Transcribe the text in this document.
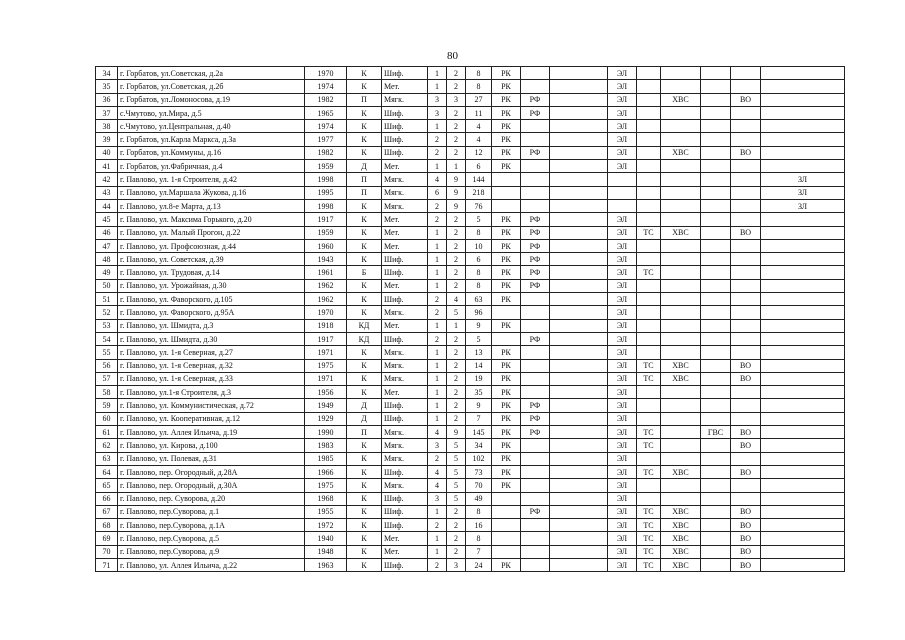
80
34	г. Горбатов, ул.Советская, д.2а	1970	К	Шиф.	1	2	8	РК			ЭЛ					
35	г. Горбатов, ул.Советская, д.2б	1974	К	Мет.	1	2	8	РК			ЭЛ					
36	г. Горбатов, ул.Ломоносова, д.19	1982	П	Мягк.	3	3	27	РК	РФ		ЭЛ		ХВС		ВО	
37	с.Чмутово, ул.Мира, д.5	1965	К	Шиф.	3	2	11	РК	РФ		ЭЛ					
38	с.Чмутово, ул.Центральная, д.40	1974	К	Шиф.	1	2	4	РК			ЭЛ					
39	г. Горбатов, ул.Карла Маркса, д.3а	1977	К	Шиф.	2	2	4	РК			ЭЛ					
40	г. Горбатов, ул.Коммуны, д.16	1982	К	Шиф.	2	2	12	РК	РФ		ЭЛ		ХВС		ВО	
41	г. Горбатов, ул.Фабричная, д.4	1959	Д	Мет.	1	1	6	РК			ЭЛ					
42	г. Павлово, ул. 1-я Строителя, д.42	1998	П	Мягк.	4	9	144									ЗЛ
43	г. Павлово, ул.Маршала Жукова, д.16	1995	П	Мягк.	6	9	218									ЗЛ
44	г. Павлово, ул.8-е Марта, д.13	1998	К	Мягк.	2	9	76									ЗЛ
45	г. Павлово, ул. Максима Горького, д.20	1917	К	Мет.	2	2	5	РК	РФ		ЭЛ					
46	г. Павлово, ул. Малый Прогон, д.22	1959	К	Мет.	1	2	8	РК	РФ		ЭЛ	ТС	ХВС		ВО	
47	г. Павлово, ул. Профсоюзная, д.44	1960	К	Мет.	1	2	10	РК	РФ		ЭЛ					
48	г. Павлово, ул. Советская, д.39	1943	К	Шиф.	1	2	6	РК	РФ		ЭЛ					
49	г. Павлово, ул. Трудовая, д.14	1961	Б	Шиф.	1	2	8	РК	РФ		ЭЛ	ТС				
50	г. Павлово, ул. Урожайная, д.30	1962	К	Мет.	1	2	8	РК	РФ		ЭЛ					
51	г. Павлово, ул. Фаворского, д.105	1962	К	Шиф.	2	4	63	РК			ЭЛ					
52	г. Павлово, ул. Фаворского, д.95А	1970	К	Мягк.	2	5	96				ЭЛ					
53	г. Павлово, ул. Шмидта, д.3	1918	КД	Мет.	1	1	9	РК			ЭЛ					
54	г. Павлово, ул. Шмидта, д.30	1917	КД	Шиф.	2	2	5		РФ		ЭЛ					
55	г. Павлово, ул. 1-я Северная, д.27	1971	К	Мягк.	1	2	13	РК			ЭЛ					
56	г. Павлово, ул. 1-я Северная, д.32	1975	К	Мягк.	1	2	14	РК			ЭЛ	ТС	ХВС		ВО	
57	г. Павлово, ул. 1-я Северная, д.33	1971	К	Мягк.	1	2	19	РК			ЭЛ	ТС	ХВС		ВО	
58	г. Павлово, ул.1-я Строителя, д.3	1956	К	Мет.	1	2	35	РК			ЭЛ					
59	г. Павлово, ул. Коммунистическая, д.72	1949	Д	Шиф.	1	2	9	РК	РФ		ЭЛ					
60	г. Павлово, ул. Кооперативная, д.12	1929	Д	Шиф.	1	2	7	РК	РФ		ЭЛ					
61	г. Павлово, ул. Аллея Ильича, д.19	1990	П	Мягк.	4	9	145	РК	РФ		ЭЛ	ТС		ГВС	ВО	
62	г. Павлово, ул. Кирова, д.100	1983	К	Мягк.	3	5	34	РК			ЭЛ	ТС			ВО	
63	г. Павлово, ул. Полевая, д.31	1985	К	Мягк.	2	5	102	РК			ЭЛ					
64	г. Павлово, пер. Огородный, д.28А	1966	К	Шиф.	4	5	73	РК			ЭЛ	ТС	ХВС		ВО	
65	г. Павлово, пер. Огородный, д.30А	1975	К	Мягк.	4	5	70	РК			ЭЛ					
66	г. Павлово, пер. Суворова, д.20	1968	К	Шиф.	3	5	49				ЭЛ					
67	г. Павлово, пер.Суворова, д.1	1955	К	Шиф.	1	2	8		РФ		ЭЛ	ТС	ХВС		ВО	
68	г. Павлово, пер.Суворова, д.1А	1972	К	Шиф.	2	2	16				ЭЛ	ТС	ХВС		ВО	
69	г. Павлово, пер.Суворова, д.5	1940	К	Мет.	1	2	8				ЭЛ	ТС	ХВС		ВО	
70	г. Павлово, пер.Суворова, д.9	1948	К	Мет.	1	2	7				ЭЛ	ТС	ХВС		ВО	
71	г. Павлово, ул. Аллея Ильича, д.22	1963	К	Шиф.	2	3	24	РК			ЭЛ	ТС	ХВС		ВО	
